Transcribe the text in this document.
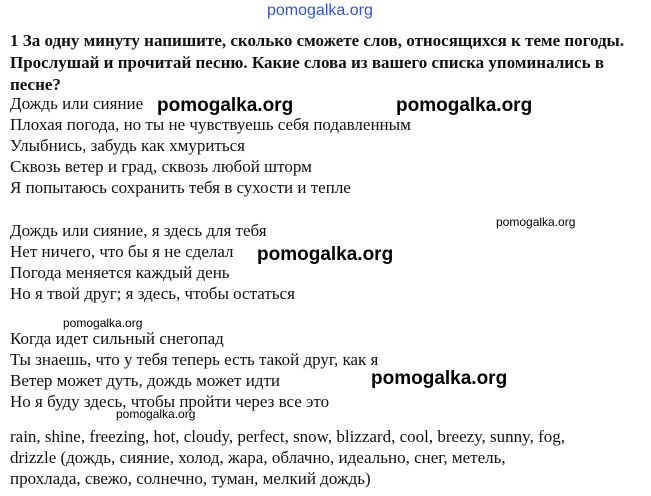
pomogalka.org
1 За одну минуту напишите, сколько сможете слов, относящихся к теме погоды. Прослушай и прочитай песню. Какие слова из вашего списка упоминались в песне?
Дождь или сияние
Плохая погода, но ты не чувствуешь себя подавленным
Улыбнись, забудь как хмуриться
Сквозь ветер и град, сквозь любой шторм
Я попытаюсь сохранить тебя в сухости и тепле
Дождь или сияние, я здесь для тебя
Нет ничего, что бы я не сделал
Погода меняется каждый день
Но я твой друг; я здесь, чтобы остаться
Когда идет сильный снегопад
Ты знаешь, что у тебя теперь есть такой друг, как я
Ветер может дуть, дождь может идти
Но я буду здесь, чтобы пройти через все это
rain, shine, freezing, hot, cloudy, perfect, snow, blizzard, cool, breezy, sunny, fog,
drizzle (дождь, сияние, холод, жара, облачно, идеально, снег, метель,
прохлада, свежо, солнечно, туман, мелкий дождь)
pomogalka.org	pomogalka.org
pomogalka.org
pomogalka.org
pomogalka.org
pomogalka.org
pomogalka.org
